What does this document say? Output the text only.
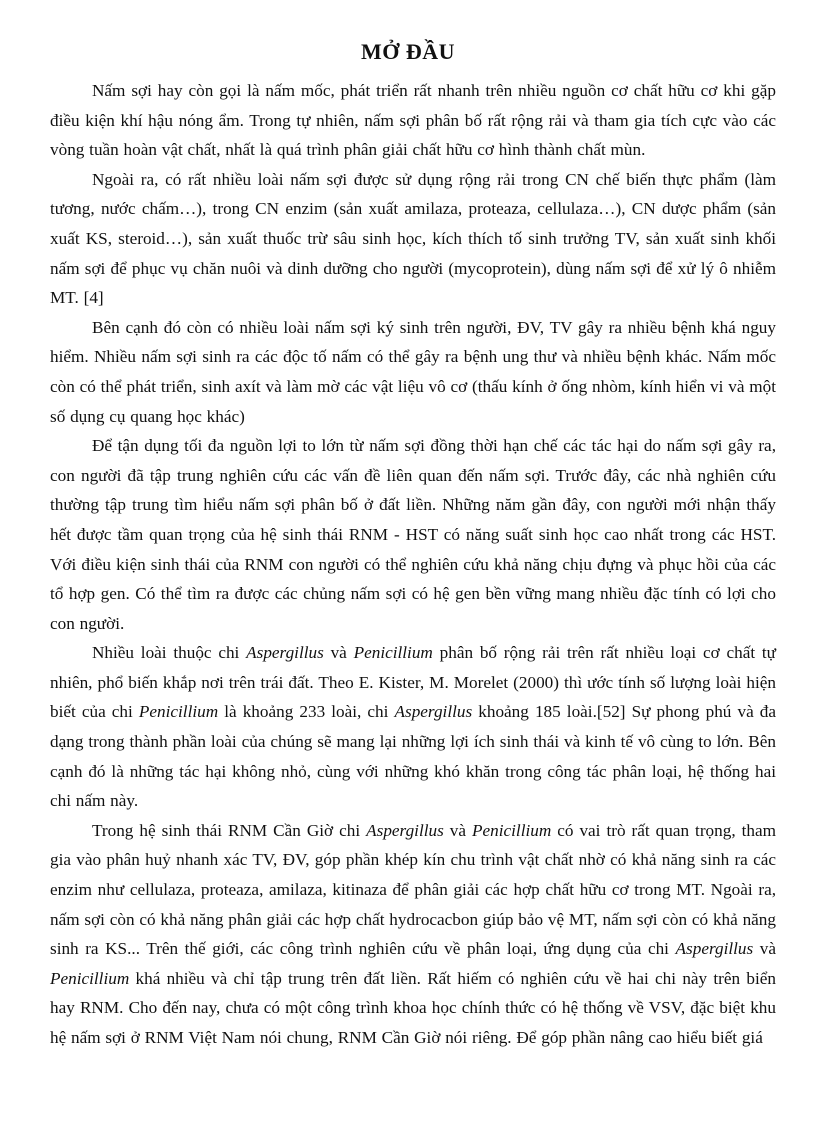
MỞ ĐẦU

Nấm sợi hay còn gọi là nấm mốc, phát triển rất nhanh trên nhiều nguồn cơ chất hữu cơ khi gặp điều kiện khí hậu nóng ẩm. Trong tự nhiên, nấm sợi phân bố rất rộng rải và tham gia tích cực vào các vòng tuần hoàn vật chất, nhất là quá trình phân giải chất hữu cơ hình thành chất mùn.

Ngoài ra, có rất nhiều loài nấm sợi được sử dụng rộng rải trong CN chế biến thực phẩm (làm tương, nước chấm…), trong CN enzim (sản xuất amilaza, proteaza, cellulaza…), CN dược phẩm (sản xuất KS, steroid…), sản xuất thuốc trừ sâu sinh học, kích thích tố sinh trưởng TV, sản xuất sinh khối nấm sợi để phục vụ chăn nuôi và dinh dưỡng cho người (mycoprotein), dùng nấm sợi để xử lý ô nhiễm MT. [4]

Bên cạnh đó còn có nhiều loài nấm sợi ký sinh trên người, ĐV, TV gây ra nhiều bệnh khá nguy hiểm. Nhiều nấm sợi sinh ra các độc tố nấm có thể gây ra bệnh ung thư và nhiều bệnh khác. Nấm mốc còn có thể phát triển, sinh axít và làm mờ các vật liệu vô cơ (thấu kính ở ống nhòm, kính hiển vi và một số dụng cụ quang học khác)

Để tận dụng tối đa nguồn lợi to lớn từ nấm sợi đồng thời hạn chế các tác hại do nấm sợi gây ra, con người đã tập trung nghiên cứu các vấn đề liên quan đến nấm sợi. Trước đây, các nhà nghiên cứu thường tập trung tìm hiểu nấm sợi phân bố ở đất liền. Những năm gần đây, con người mới nhận thấy hết được tầm quan trọng của hệ sinh thái RNM - HST có năng suất sinh học cao nhất trong các HST. Với điều kiện sinh thái của RNM con người có thể nghiên cứu khả năng chịu đựng và phục hồi của các tổ hợp gen. Có thể tìm ra được các chủng nấm sợi có hệ gen bền vững mang nhiều đặc tính có lợi cho con người.

Nhiều loài thuộc chi Aspergillus và Penicillium phân bố rộng rải trên rất nhiều loại cơ chất tự nhiên, phổ biến khắp nơi trên trái đất. Theo E. Kister, M. Morelet (2000) thì ước tính số lượng loài hiện biết của chi Penicillium là khoảng 233 loài, chi Aspergillus khoảng 185 loài.[52] Sự phong phú và đa dạng trong thành phần loài của chúng sẽ mang lại những lợi ích sinh thái và kinh tế vô cùng to lớn. Bên cạnh đó là những tác hại không nhỏ, cùng với những khó khăn trong công tác phân loại, hệ thống hai chi nấm này.

Trong hệ sinh thái RNM Cần Giờ chi Aspergillus và Penicillium có vai trò rất quan trọng, tham gia vào phân huỷ nhanh xác TV, ĐV, góp phần khép kín chu trình vật chất nhờ có khả năng sinh ra các enzim như cellulaza, proteaza, amilaza, kitinaza để phân giải các hợp chất hữu cơ trong MT. Ngoài ra, nấm sợi còn có khả năng phân giải các hợp chất hydrocacbon giúp bảo vệ MT, nấm sợi còn có khả năng sinh ra KS... Trên thế giới, các công trình nghiên cứu về phân loại, ứng dụng của chi Aspergillus và Penicillium khá nhiều và chỉ tập trung trên đất liền. Rất hiếm có nghiên cứu về hai chi này trên biển hay RNM. Cho đến nay, chưa có một công trình khoa học chính thức có hệ thống về VSV, đặc biệt khu hệ nấm sợi ở RNM Việt Nam nói chung, RNM Cần Giờ nói riêng. Để góp phần nâng cao hiểu biết giá
